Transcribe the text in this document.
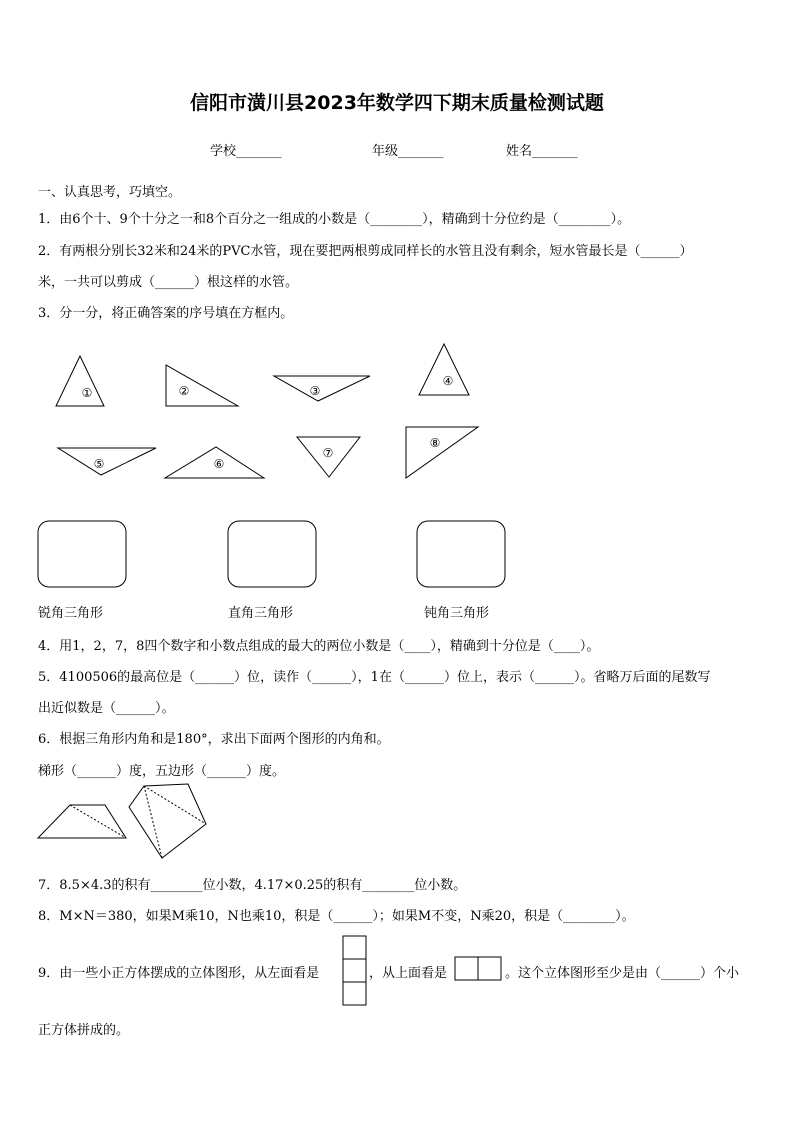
信阳市潢川县2023年数学四下期末质量检测试题
学校_______	年级_______	姓名_______
一、认真思考，巧填空。
1．由6个十、9个十分之一和8个百分之一组成的小数是（________），精确到十分位约是（________）。
2．有两根分别长32米和24米的PVC水管，现在要把两根剪成同样长的水管且没有剩余，短水管最长是（______）
米，一共可以剪成（______）根这样的水管。
3．分一分，将正确答案的序号填在方框内。
①	②	③
④
⑤	⑥
⑦
⑧
锐角三角形	直角三角形	钝角三角形
4．用1，2，7，8四个数字和小数点组成的最大的两位小数是（____），精确到十分位是（____）。
5．4100506的最高位是（______）位，读作（______），1在（______）位上，表示（______）。省略万后面的尾数写
出近似数是（______）。
6．根据三角形内角和是180°，求出下面两个图形的内角和。
梯形（______）度，五边形（______）度。
7．8.5×4.3的积有________位小数，4.17×0.25的积有________位小数。
8．M×N＝380，如果M乘10，N也乘10，积是（______）；如果M不变，N乘20，积是（________）。
9．由一些小正方体摆成的立体图形，从左面看是	，从上面看是	。这个立体图形至少是由（______）个小
正方体拼成的。
